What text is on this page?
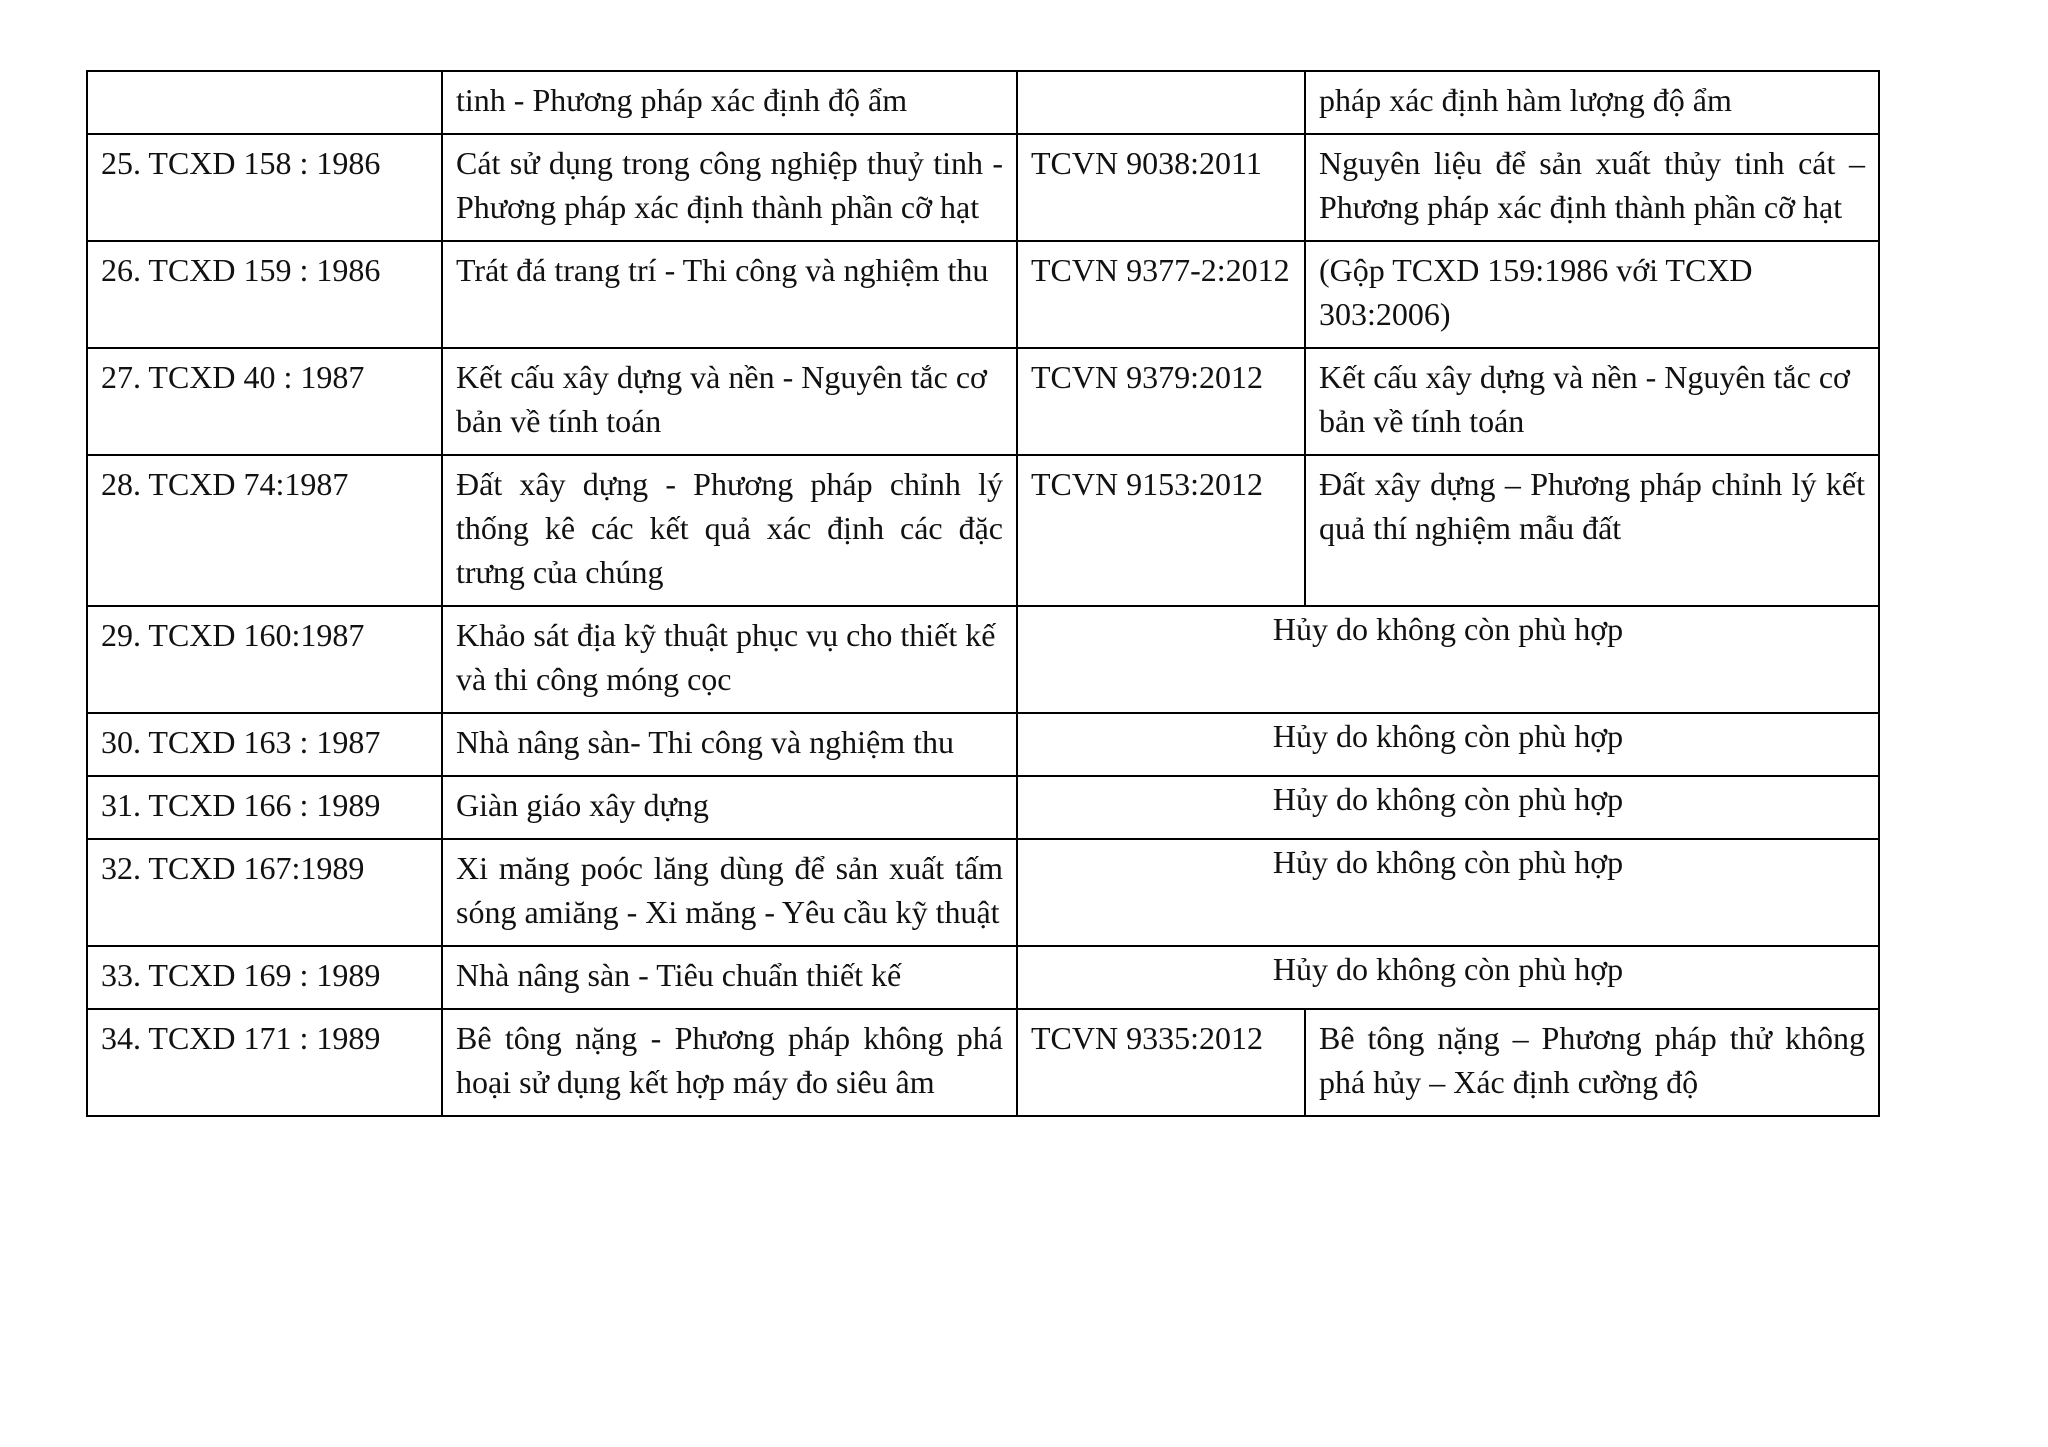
	tinh - Phương pháp xác định độ ẩm		pháp xác định hàm lượng độ ẩm
25. TCXD 158 : 1986	Cát sử dụng trong công nghiệp thuỷ tinh - Phương pháp xác định thành phần cỡ hạt	TCVN 9038:2011	Nguyên liệu để sản xuất thủy tinh cát – Phương pháp xác định thành phần cỡ hạt
26. TCXD 159 : 1986	Trát đá trang trí - Thi công và nghiệm thu	TCVN 9377-2:2012	(Gộp TCXD 159:1986 với TCXD 303:2006)
27. TCXD 40 : 1987	Kết cấu xây dựng và nền - Nguyên tắc cơ bản về tính toán	TCVN 9379:2012	Kết cấu xây dựng và nền - Nguyên tắc cơ bản về tính toán
28. TCXD 74:1987	Đất xây dựng - Phương pháp chỉnh lý thống kê các kết quả xác định các đặc trưng của chúng	TCVN 9153:2012	Đất xây dựng – Phương pháp chỉnh lý kết quả thí nghiệm mẫu đất
29. TCXD 160:1987	Khảo sát địa kỹ thuật phục vụ cho thiết kế và thi công móng cọc	Hủy do không còn phù hợp	
30. TCXD 163 : 1987	Nhà nâng sàn- Thi công và nghiệm thu	Hủy do không còn phù hợp	
31. TCXD 166 : 1989	Giàn giáo xây dựng	Hủy do không còn phù hợp	
32. TCXD 167:1989	Xi măng poóc lăng dùng để sản xuất tấm sóng amiăng - Xi măng - Yêu cầu kỹ thuật	Hủy do không còn phù hợp	
33. TCXD 169 : 1989	Nhà nâng sàn - Tiêu chuẩn thiết kế	Hủy do không còn phù hợp	
34. TCXD 171 : 1989	Bê tông nặng - Phương pháp không phá hoại sử dụng kết hợp máy đo siêu âm	TCVN 9335:2012	Bê tông nặng – Phương pháp thử không phá hủy – Xác định cường độ
